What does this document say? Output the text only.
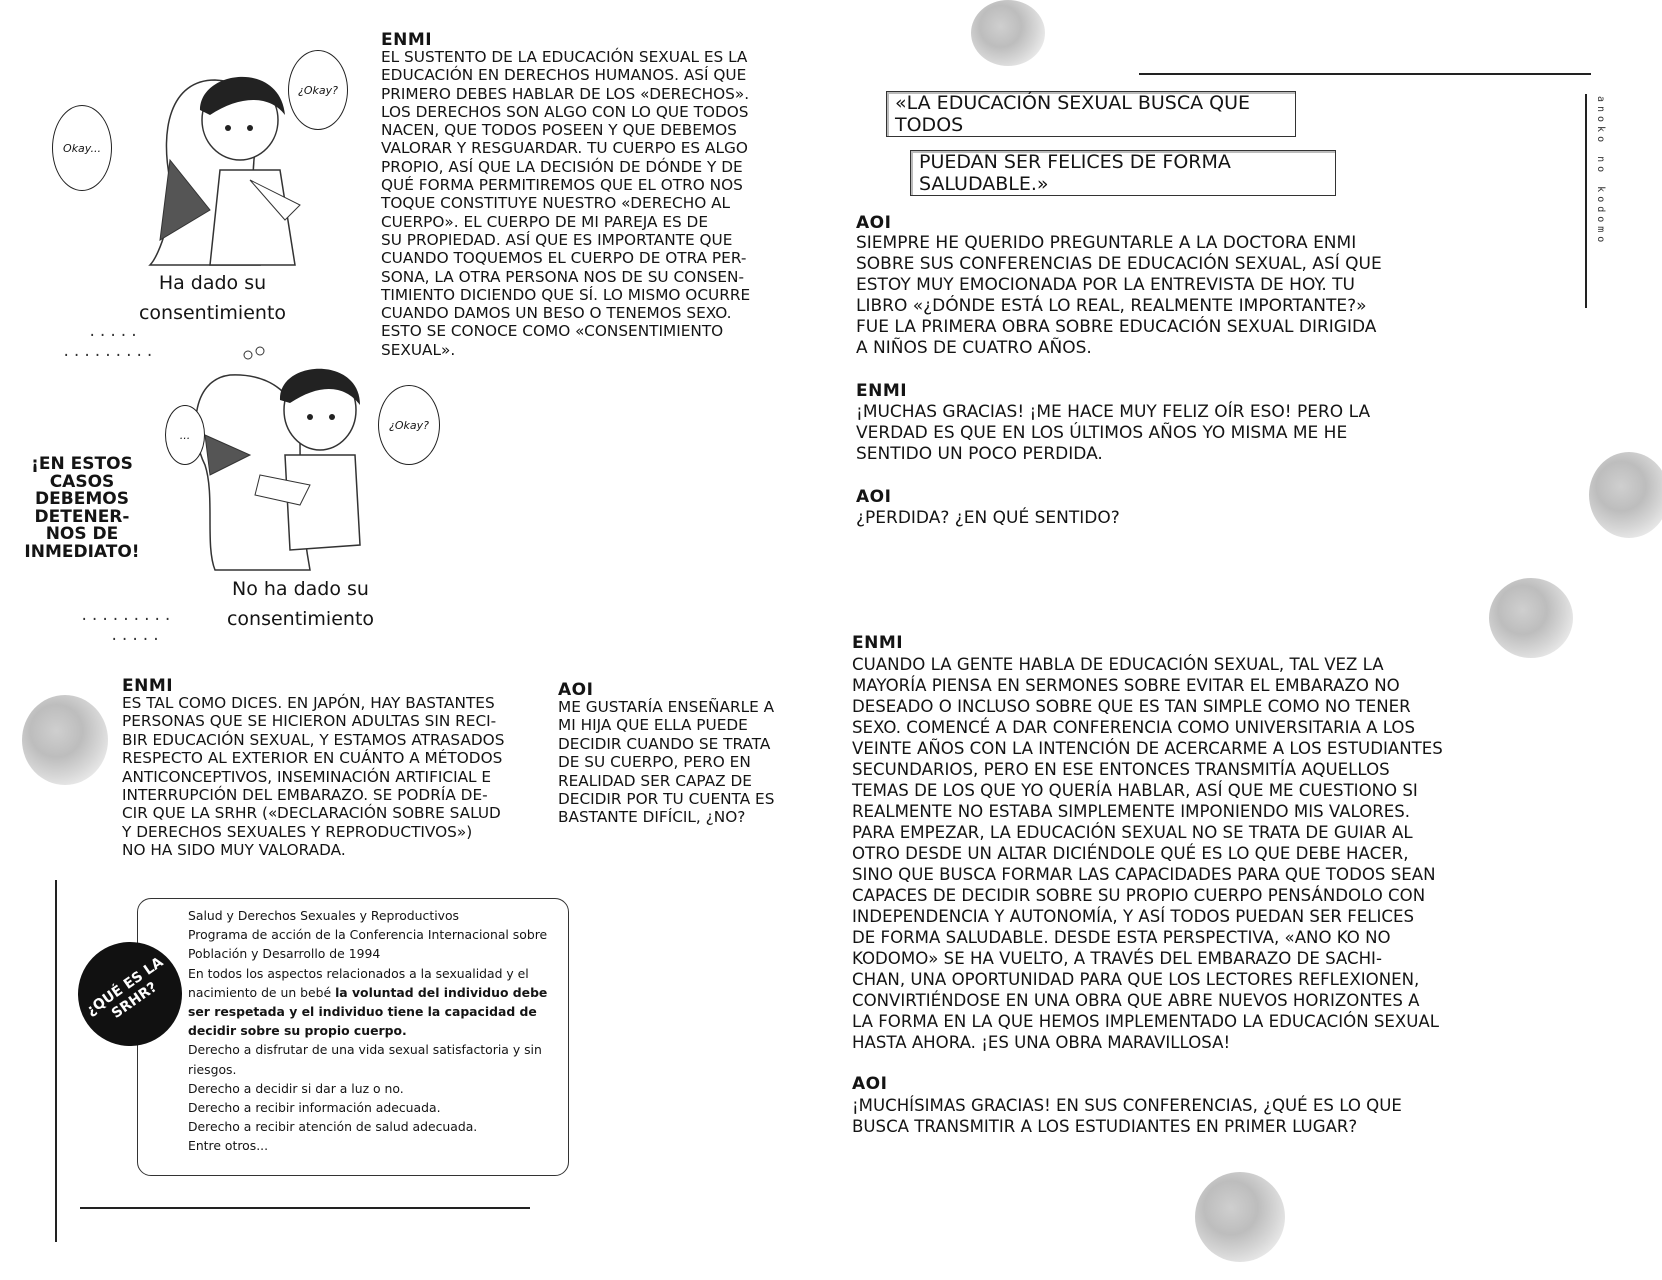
Okay...
¿Okay?
Ha dado su
consentimiento
...
¿Okay?
No ha dado su
consentimiento
·····
·········
·········
·····
¡EN ESTOS
CASOS
DEBEMOS
DETENER-
NOS DE
INMEDIATO!
ENMI
EL SUSTENTO DE LA EDUCACIÓN SEXUAL ES LA
EDUCACIÓN EN DERECHOS HUMANOS. ASÍ QUE
PRIMERO DEBES HABLAR DE LOS «DERECHOS».
LOS DERECHOS SON ALGO CON LO QUE TODOS
NACEN, QUE TODOS POSEEN Y QUE DEBEMOS
VALORAR Y RESGUARDAR. TU CUERPO ES ALGO
PROPIO, ASÍ QUE LA DECISIÓN DE DÓNDE Y DE
QUÉ FORMA PERMITIREMOS QUE EL OTRO NOS
TOQUE CONSTITUYE NUESTRO «DERECHO AL
CUERPO». EL CUERPO DE MI PAREJA ES DE
SU PROPIEDAD. ASÍ QUE ES IMPORTANTE QUE
CUANDO TOQUEMOS EL CUERPO DE OTRA PER-
SONA, LA OTRA PERSONA NOS DE SU CONSEN-
TIMIENTO DICIENDO QUE SÍ. LO MISMO OCURRE
CUANDO DAMOS UN BESO O TENEMOS SEXO.
ESTO SE CONOCE COMO «CONSENTIMIENTO
SEXUAL».
ENMI
ES TAL COMO DICES. EN JAPÓN, HAY BASTANTES
PERSONAS QUE SE HICIERON ADULTAS SIN RECI-
BIR EDUCACIÓN SEXUAL, Y ESTAMOS ATRASADOS
RESPECTO AL EXTERIOR EN CUÁNTO A MÉTODOS
ANTICONCEPTIVOS, INSEMINACIÓN ARTIFICIAL E
INTERRUPCIÓN DEL EMBARAZO. SE PODRÍA DE-
CIR QUE LA SRHR («DECLARACIÓN SOBRE SALUD
Y DERECHOS SEXUALES Y REPRODUCTIVOS»)
NO HA SIDO MUY VALORADA.
AOI
ME GUSTARÍA ENSEÑARLE A
MI HIJA QUE ELLA PUEDE
DECIDIR CUANDO SE TRATA
DE SU CUERPO, PERO EN
REALIDAD SER CAPAZ DE
DECIDIR POR TU CUENTA ES
BASTANTE DIFÍCIL, ¿NO?
¿QUÉ ES LA SRHR?
Salud y Derechos Sexuales y Reproductivos
Programa de acción de la Conferencia Internacional sobre Población y Desarrollo de 1994
En todos los aspectos relacionados a la sexualidad y el nacimiento de un bebé la voluntad del individuo debe ser respetada y el individuo tiene la capacidad de decidir sobre su propio cuerpo.
Derecho a disfrutar de una vida sexual satisfactoria y sin riesgos.
Derecho a decidir si dar a luz o no.
Derecho a recibir información adecuada.
Derecho a recibir atención de salud adecuada.
Entre otros...
anoko no kodomo
«LA EDUCACIÓN SEXUAL BUSCA QUE TODOS
PUEDAN SER FELICES DE FORMA SALUDABLE.»
AOI
SIEMPRE HE QUERIDO PREGUNTARLE A LA DOCTORA ENMI
SOBRE SUS CONFERENCIAS DE EDUCACIÓN SEXUAL, ASÍ QUE
ESTOY MUY EMOCIONADA POR LA ENTREVISTA DE HOY. TU
LIBRO «¿DÓNDE ESTÁ LO REAL, REALMENTE IMPORTANTE?»
FUE LA PRIMERA OBRA SOBRE EDUCACIÓN SEXUAL DIRIGIDA
A NIÑOS DE CUATRO AÑOS.
ENMI
¡MUCHAS GRACIAS! ¡ME HACE MUY FELIZ OÍR ESO! PERO LA
VERDAD ES QUE EN LOS ÚLTIMOS AÑOS YO MISMA ME HE
SENTIDO UN POCO PERDIDA.
AOI
¿PERDIDA? ¿EN QUÉ SENTIDO?
ENMI
CUANDO LA GENTE HABLA DE EDUCACIÓN SEXUAL, TAL VEZ LA
MAYORÍA PIENSA EN SERMONES SOBRE EVITAR EL EMBARAZO NO
DESEADO O INCLUSO SOBRE QUE ES TAN SIMPLE COMO NO TENER
SEXO. COMENCÉ A DAR CONFERENCIA COMO UNIVERSITARIA A LOS
VEINTE AÑOS CON LA INTENCIÓN DE ACERCARME A LOS ESTUDIANTES
SECUNDARIOS, PERO EN ESE ENTONCES TRANSMITÍA AQUELLOS
TEMAS DE LOS QUE YO QUERÍA HABLAR, ASÍ QUE ME CUESTIONO SI
REALMENTE NO ESTABA SIMPLEMENTE IMPONIENDO MIS VALORES.
PARA EMPEZAR, LA EDUCACIÓN SEXUAL NO SE TRATA DE GUIAR AL
OTRO DESDE UN ALTAR DICIÉNDOLE QUÉ ES LO QUE DEBE HACER,
SINO QUE BUSCA FORMAR LAS CAPACIDADES PARA QUE TODOS SEAN
CAPACES DE DECIDIR SOBRE SU PROPIO CUERPO PENSÁNDOLO CON
INDEPENDENCIA Y AUTONOMÍA, Y ASÍ TODOS PUEDAN SER FELICES
DE FORMA SALUDABLE. DESDE ESTA PERSPECTIVA, «ANO KO NO
KODOMO» SE HA VUELTO, A TRAVÉS DEL EMBARAZO DE SACHI-
CHAN, UNA OPORTUNIDAD PARA QUE LOS LECTORES REFLEXIONEN,
CONVIRTIÉNDOSE EN UNA OBRA QUE ABRE NUEVOS HORIZONTES A
LA FORMA EN LA QUE HEMOS IMPLEMENTADO LA EDUCACIÓN SEXUAL
HASTA AHORA. ¡ES UNA OBRA MARAVILLOSA!
AOI
¡MUCHÍSIMAS GRACIAS! EN SUS CONFERENCIAS, ¿QUÉ ES LO QUE
BUSCA TRANSMITIR A LOS ESTUDIANTES EN PRIMER LUGAR?
